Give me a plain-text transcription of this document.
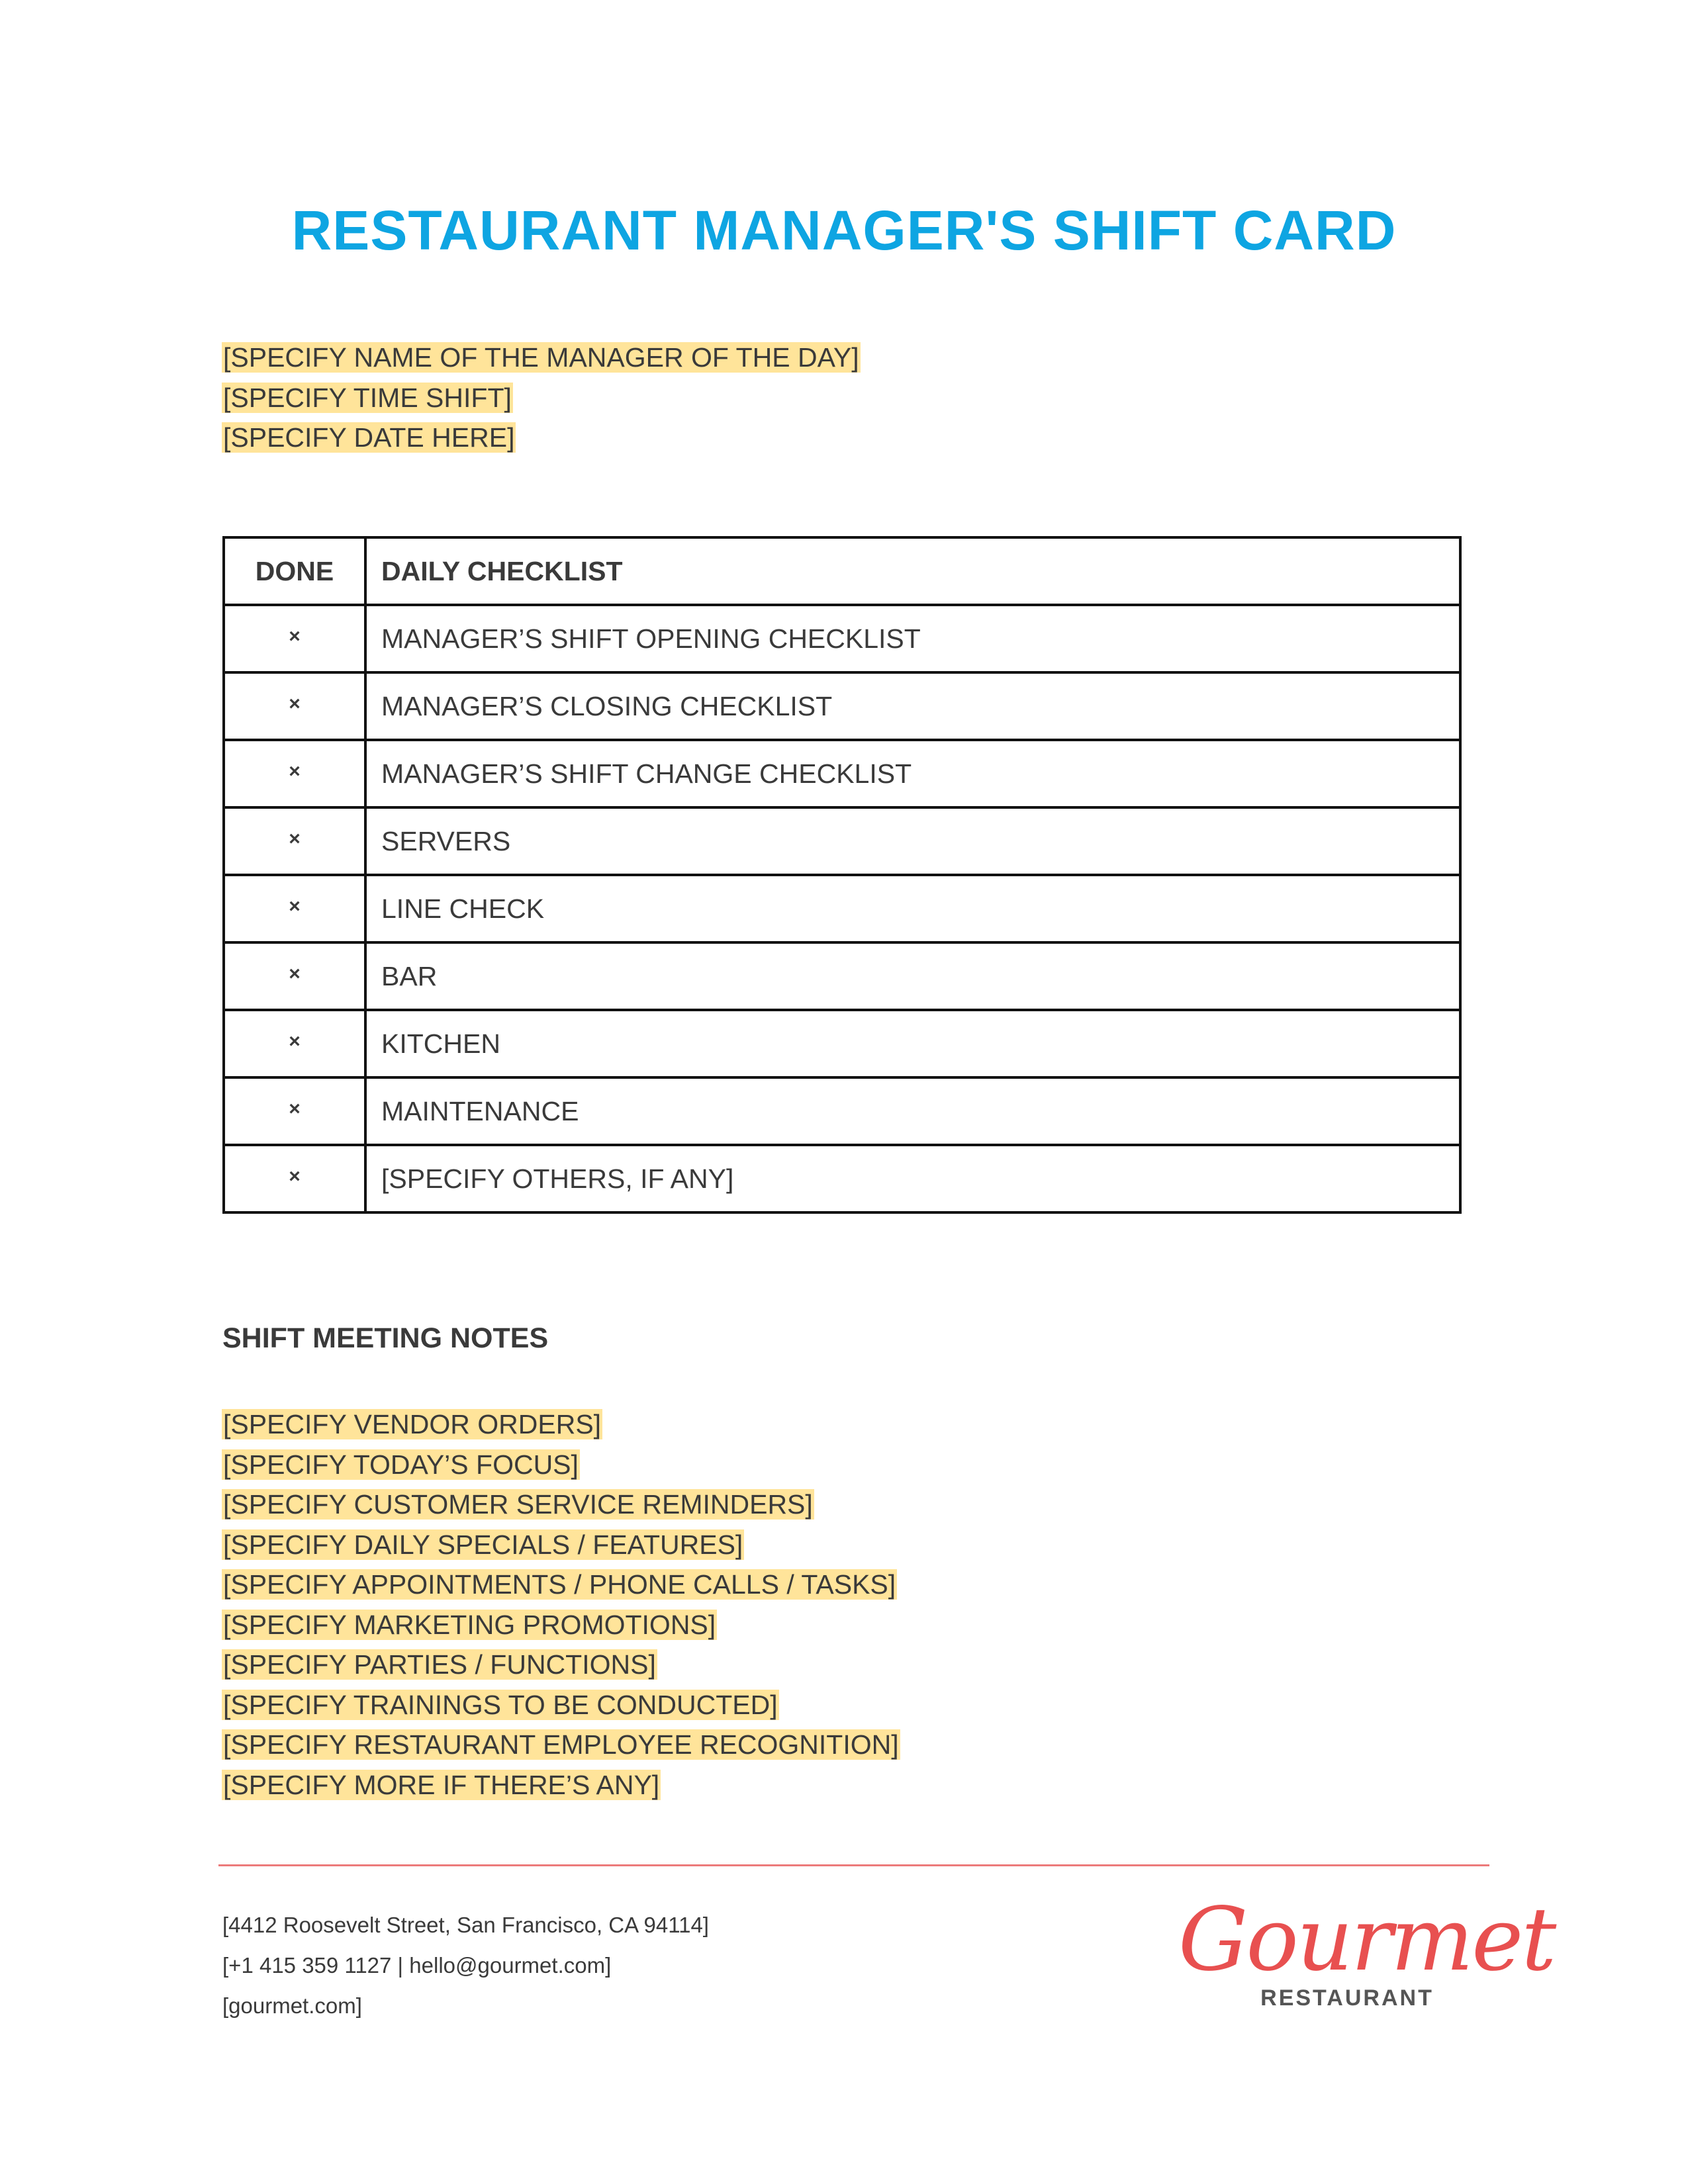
RESTAURANT MANAGER'S SHIFT CARD
[SPECIFY NAME OF THE MANAGER OF THE DAY]
[SPECIFY TIME SHIFT]
[SPECIFY DATE HERE]
DONE	DAILY CHECKLIST
×	MANAGER’S SHIFT OPENING CHECKLIST
×	MANAGER’S CLOSING CHECKLIST
×	MANAGER’S SHIFT CHANGE CHECKLIST
×	SERVERS
×	LINE CHECK
×	BAR
×	KITCHEN
×	MAINTENANCE
×	[SPECIFY OTHERS, IF ANY]
SHIFT MEETING NOTES
[SPECIFY VENDOR ORDERS]
[SPECIFY TODAY’S FOCUS]
[SPECIFY CUSTOMER SERVICE REMINDERS]
[SPECIFY DAILY SPECIALS / FEATURES]
[SPECIFY APPOINTMENTS / PHONE CALLS / TASKS]
[SPECIFY MARKETING PROMOTIONS]
[SPECIFY PARTIES / FUNCTIONS]
[SPECIFY TRAININGS TO BE CONDUCTED]
[SPECIFY RESTAURANT EMPLOYEE RECOGNITION]
[SPECIFY MORE IF THERE’S ANY]
[4412 Roosevelt Street, San Francisco, CA 94114]
[+1 415 359 1127 | hello@gourmet.com]
[gourmet.com]
Gourmet
RESTAURANT
